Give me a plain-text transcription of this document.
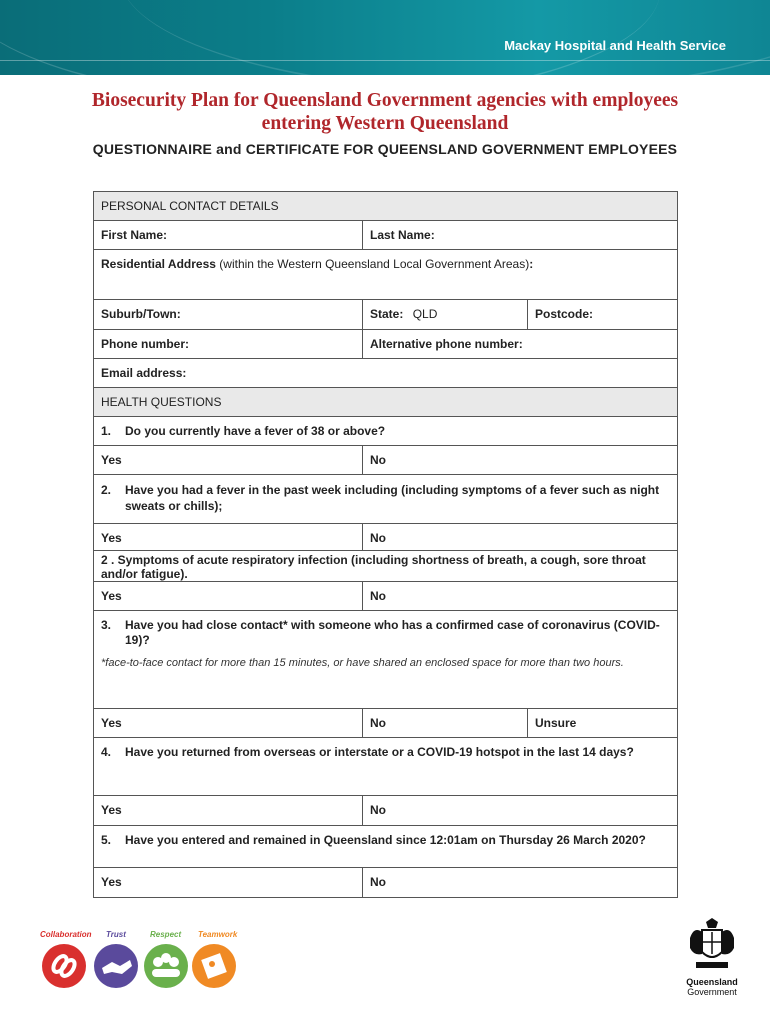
Mackay Hospital and Health Service
Biosecurity Plan for Queensland Government agencies with employees entering Western Queensland
QUESTIONNAIRE and CERTIFICATE FOR QUEENSLAND GOVERNMENT EMPLOYEES
PERSONAL CONTACT DETAILS
First Name:	Last Name:
Residential Address (within the Western Queensland Local Government Areas):
Suburb/Town:	State: QLD	Postcode:
Phone number:	Alternative phone number:
Email address:
HEALTH QUESTIONS
1.	Do you currently have a fever of 38 or above?
Yes	No
2.	Have you had a fever in the past week including (including symptoms of a fever such as night sweats or chills);
Yes	No
2 . Symptoms of acute respiratory infection (including shortness of breath, a cough, sore throat and/or fatigue).
Yes	No
3.	Have you had close contact* with someone who has a confirmed case of coronavirus (COVID-19)?
*face-to-face contact for more than 15 minutes, or have shared an enclosed space for more than two hours.
Yes	No	Unsure
4.	Have you returned from overseas or interstate or a COVID-19 hotspot in the last 14 days?
Yes	No
5.	Have you entered and remained in Queensland since 12:01am on Thursday 26 March 2020?
Yes	No
Collaboration Trust	Respect Teamwork
Queensland
Government
